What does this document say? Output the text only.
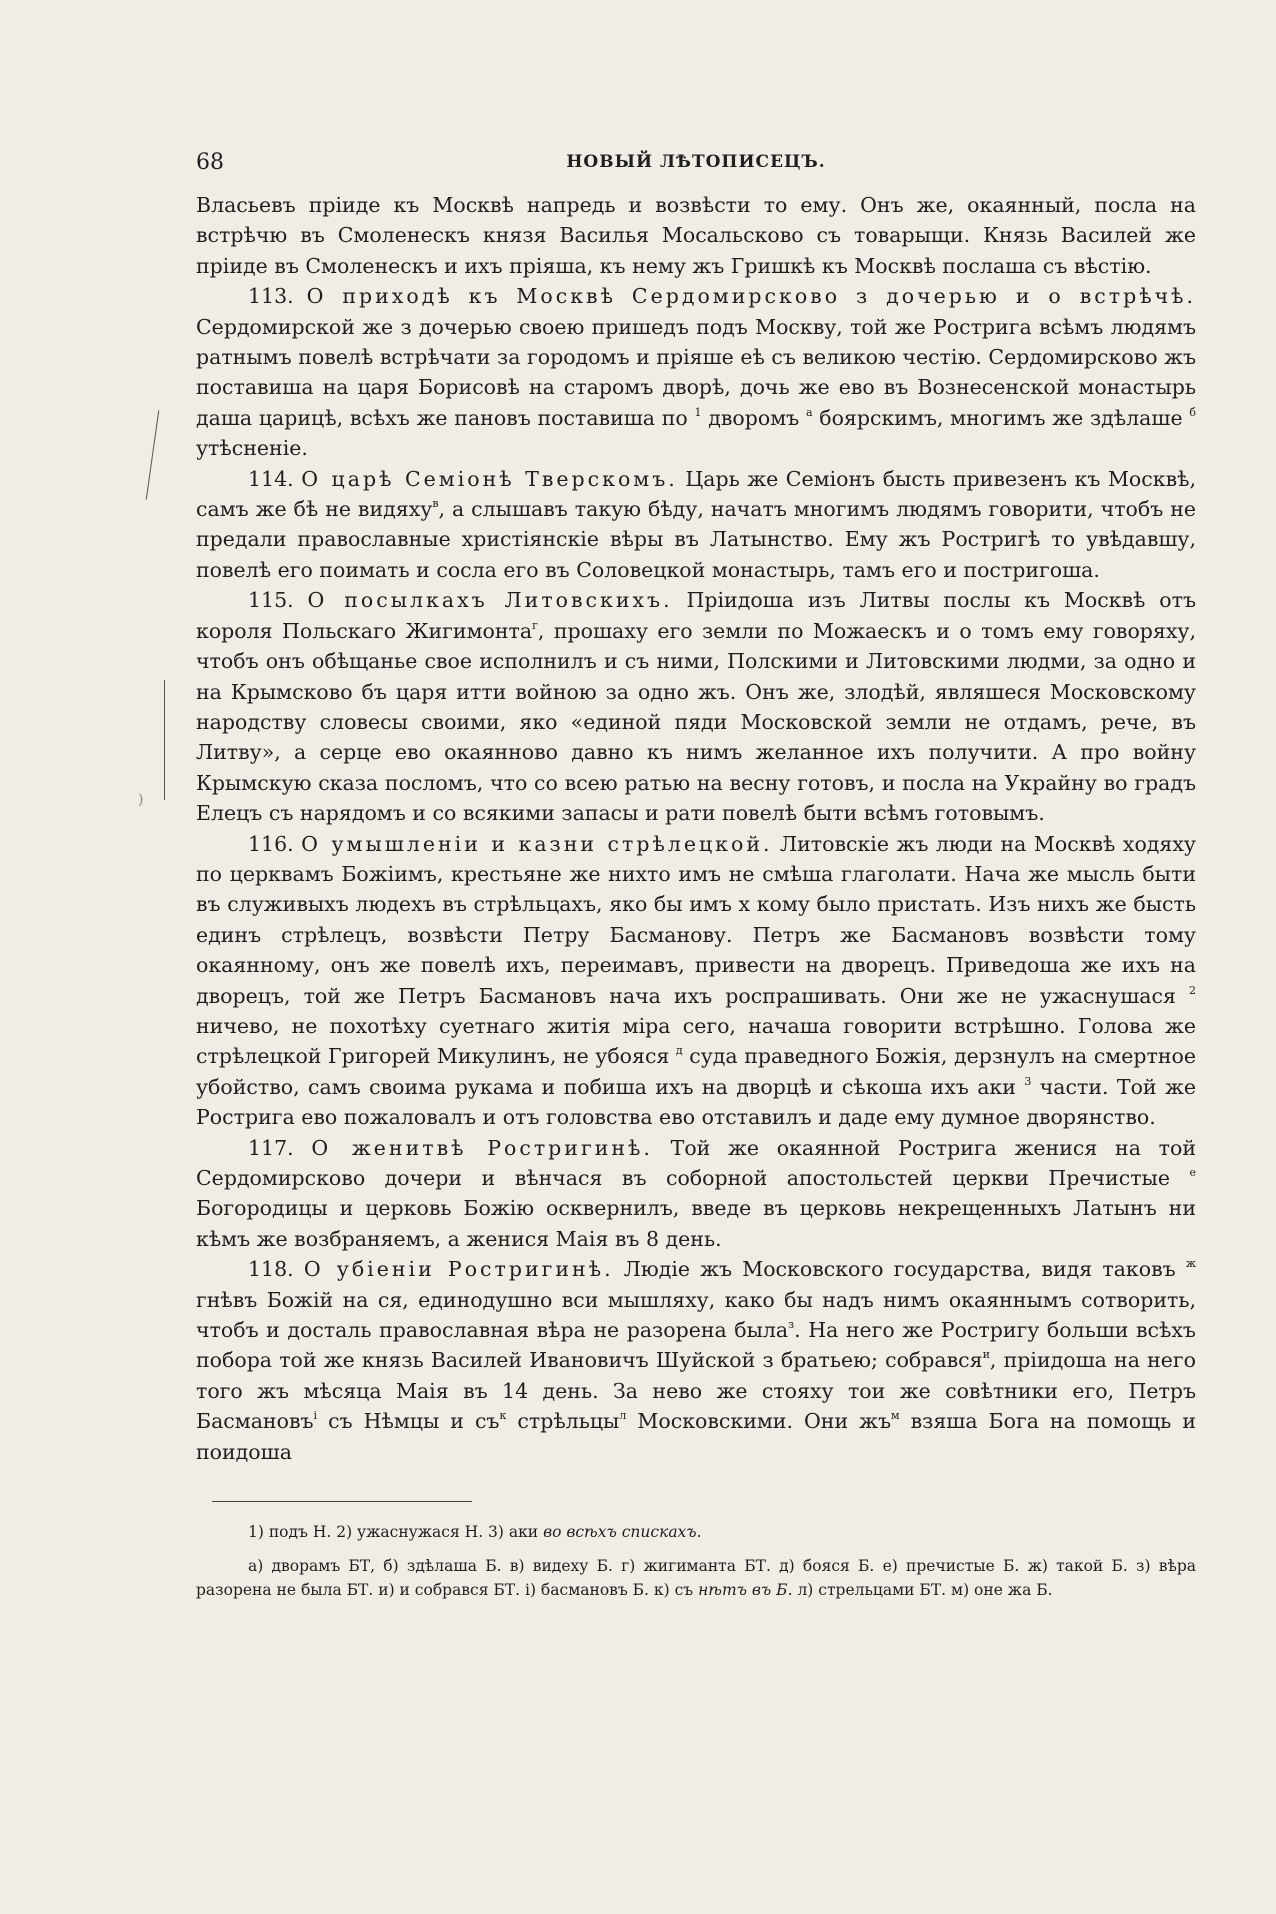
68	НОВЫЙ ЛѢТОПИСЕЦЪ.

Власьевъ пріиде къ Москвѣ напредь и возвѣсти то ему. Онъ же, окаянный, посла на встрѣчю въ Смоленескъ князя Василья Мосальсково съ товарыщи. Князь Василей же пріиде въ Смоленескъ и ихъ пріяша, къ нему жъ Гришкѣ къ Москвѣ послаша съ вѣстію.

113. О приходѣ къ Москвѣ Сердомирсково з дочерью и о встрѣчѣ. Сердомирской же з дочерью своею пришедъ подъ Москву, той же Ростригa всѣмъ людямъ ратнымъ повелѣ встрѣчати за городомъ и пріяше еѣ съ великою честію. Сердомирсково жъ поставиша на царя Борисовѣ на старомъ дворѣ, дочь же ево въ Вознесенской монастырь даша царицѣ, всѣхъ же пановъ поставиша по $^1$ дворомъ $^а$ боярскимъ, многимъ же здѣлаше $^б$ утѣсненіе.

114. О царѣ Семіонѣ Тверскомъ. Царь же Семіонъ бысть привезенъ къ Москвѣ, самъ же бѣ не видяху$^в$, а слышавъ такую бѣду, начатъ многимъ людямъ говорити, чтобъ не предали православные христіянскіе вѣры въ Латынство. Ему жъ Ростригѣ то увѣдавшу, повелѣ его поимать и сосла его въ Соловецкой монастырь, тамъ его и постригоша.

115. О посылкахъ Литовскихъ. Пріидоша изъ Литвы послы къ Москвѣ отъ короля Польскаго Жигимонта$^г$, прошаху его земли по Можаескъ и о томъ ему говоряху, чтобъ онъ обѣщанье свое исполнилъ и съ ними, Полскими и Литовскими людми, за одно и на Крымсково бъ царя итти войною за одно жъ. Онъ же, злодѣй, являшеся Московскому народству словесы своими, яко «единой пяди Московской земли не отдамъ, рече, въ Литву», а серце ево окаянново давно къ нимъ желанное ихъ получити. А про войну Крымскую сказа посломъ, что со всею ратью на весну готовъ, и посла на Украйну во градъ Елецъ съ нарядомъ и со всякими запасы и рати повелѣ быти всѣмъ готовымъ.

116. О умышленіи и казни стрѣлецкой. Литовскіе жъ люди на Москвѣ ходяху по церквамъ Божіимъ, крестьяне же нихто имъ не смѣша глаголати. Нача же мысль быти въ служивыхъ людехъ въ стрѣльцахъ, яко бы имъ х кому было пристать. Изъ нихъ же бысть единъ стрѣлецъ, возвѣсти Петру Басманову. Петръ же Басмановъ возвѣсти тому окаянному, онъ же повелѣ ихъ, переимавъ, привести на дворецъ. Приведоша же ихъ на дворецъ, той же Петръ Басмановъ нача ихъ роспрашивать. Они же не ужаснушася $^2$ ничево, не похотѣху суетнаго житія міра сего, начаша говорити встрѣшно. Голова же стрѣлецкой Григорей Микулинъ, не убояся $^д$ суда праведного Божія, дерзнулъ на смертное убойство, самъ своима рукама и побиша ихъ на дворцѣ и сѣкоша ихъ аки $^3$ части. Той же Ростригa ево пожаловалъ и отъ головства ево отставилъ и даде ему думное дворянство.

117. О женитвѣ Ростригинѣ. Той же окаянной Ростригa женися на той Сердомирсково дочери и вѣнчася въ соборной апостольстей церкви Пречистые $^е$ Богородицы и церковь Божію осквернилъ, введе въ церковь некрещенныхъ Латынъ ни кѣмъ же возбраняемъ, а женися Маія въ 8 день.

118. О убіеніи Ростригинѣ. Людіе жъ Московского государства, видя таковъ $^ж$ гнѣвъ Божій на ся, единодушно вси мышляху, како бы надъ нимъ окаяннымъ сотворить, чтобъ и досталь православная вѣра не разорена была$^з$. На него же Ростригу больши всѣхъ побора той же князь Василей Ивановичъ Шуйской з братьею; собрався$^и$, пріидоша на него того жъ мѣсяца Маія въ 14 день. За нево же стояху тои же совѣтники его, Петръ Басмановъ$^і$ съ Нѣмцы и $съ^к$ стрѣльцы$^л$ Московскими. Они $жъ^м$ взяша Бога на помощь и поидоша

1) подъ Н. 2) ужаснужася Н. 3) аки во всѣхъ спискахъ.

а) дворамъ БТ, б) здѣлаша Б. в) видеху Б. г) жигиманта БТ. д) бояся Б. е) пречистые Б. ж) такой Б. з) вѣра разорена не была БТ. и) и собрався БТ. і) басмановъ Б. к) съ нѣтъ въ Б. л) стрельцами БТ. м) оне жа Б.

)
